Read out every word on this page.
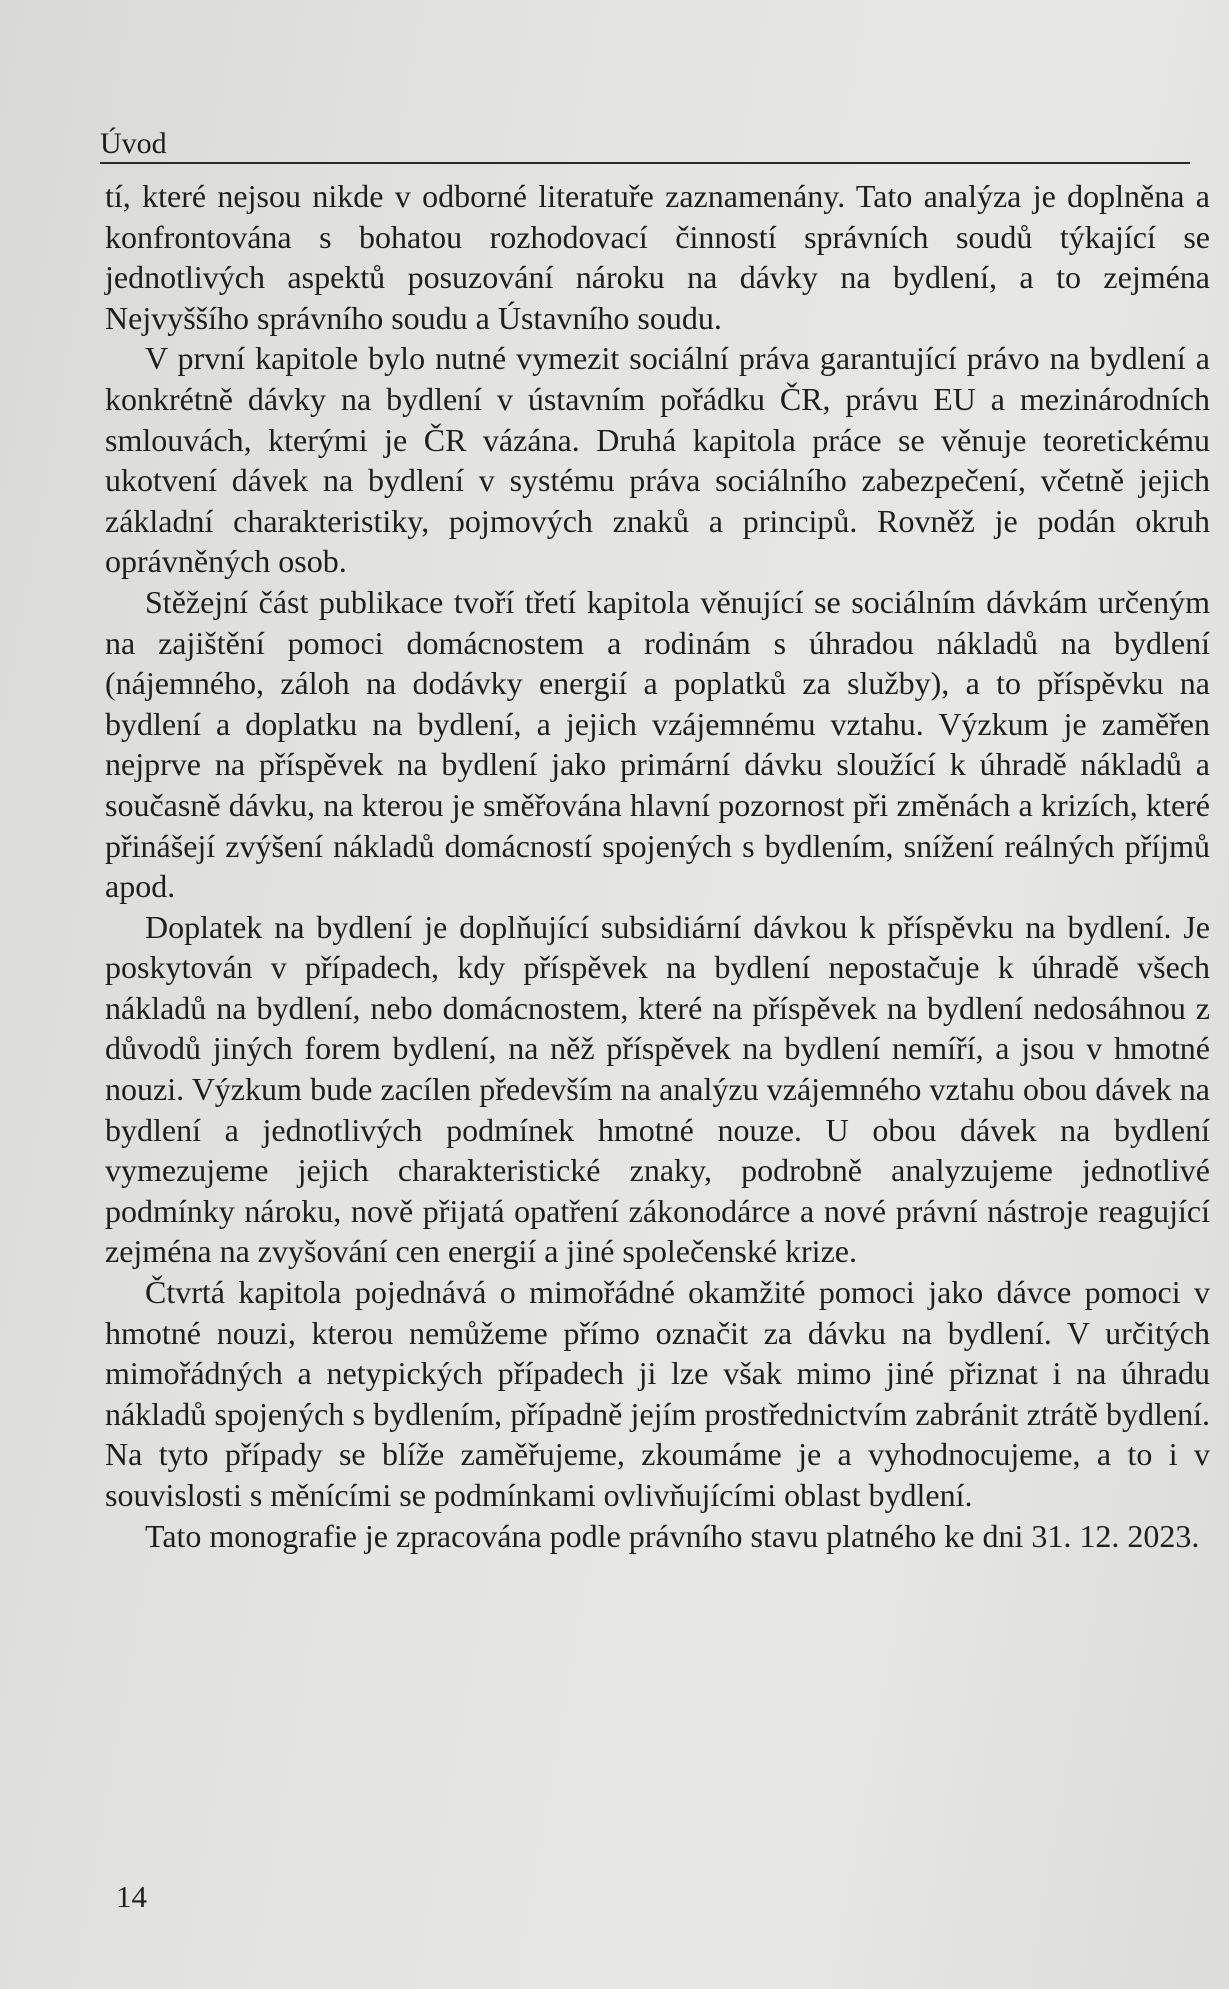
Úvod

tí, které nejsou nikde v odborné literatuře zaznamenány. Tato analýza je doplněna a konfrontována s bohatou rozhodovací činností správních soudů týkající se jednotlivých aspektů posuzování nároku na dávky na bydlení, a to zejména Nejvyššího správního soudu a Ústavního soudu.

V první kapitole bylo nutné vymezit sociální práva garantující právo na bydlení a konkrétně dávky na bydlení v ústavním pořádku ČR, právu EU a mezinárodních smlouvách, kterými je ČR vázána. Druhá kapitola práce se věnuje teoretickému ukotvení dávek na bydlení v systému práva sociálního zabezpečení, včetně jejich základní charakteristiky, pojmových znaků a principů. Rovněž je podán okruh oprávněných osob.

Stěžejní část publikace tvoří třetí kapitola věnující se sociálním dávkám určeným na zajištění pomoci domácnostem a rodinám s úhradou nákladů na bydlení (nájemného, záloh na dodávky energií a poplatků za služby), a to příspěvku na bydlení a doplatku na bydlení, a jejich vzájemnému vztahu. Výzkum je zaměřen nejprve na příspěvek na bydlení jako primární dávku sloužící k úhradě nákladů a současně dávku, na kterou je směřována hlavní pozornost při změnách a krizích, které přinášejí zvýšení nákladů domácností spojených s bydlením, snížení reálných příjmů apod.

Doplatek na bydlení je doplňující subsidiární dávkou k příspěvku na bydlení. Je poskytován v případech, kdy příspěvek na bydlení nepostačuje k úhradě všech nákladů na bydlení, nebo domácnostem, které na příspěvek na bydlení nedosáhnou z důvodů jiných forem bydlení, na něž příspěvek na bydlení nemíří, a jsou v hmotné nouzi. Výzkum bude zacílen především na analýzu vzájemného vztahu obou dávek na bydlení a jednotlivých podmínek hmotné nouze. U obou dávek na bydlení vymezujeme jejich charakteristické znaky, podrobně analyzujeme jednotlivé podmínky nároku, nově přijatá opatření zákonodárce a nové právní nástroje reagující zejména na zvyšování cen energií a jiné společenské krize.

Čtvrtá kapitola pojednává o mimořádné okamžité pomoci jako dávce pomoci v hmotné nouzi, kterou nemůžeme přímo označit za dávku na bydlení. V určitých mimořádných a netypických případech ji lze však mimo jiné přiznat i na úhradu nákladů spojených s bydlením, případně jejím prostřednictvím zabránit ztrátě bydlení. Na tyto případy se blíže zaměřujeme, zkoumáme je a vyhodnocujeme, a to i v souvislosti s měnícími se podmínkami ovlivňujícími oblast bydlení.

Tato monografie je zpracována podle právního stavu platného ke dni 31. 12. 2023.

14
